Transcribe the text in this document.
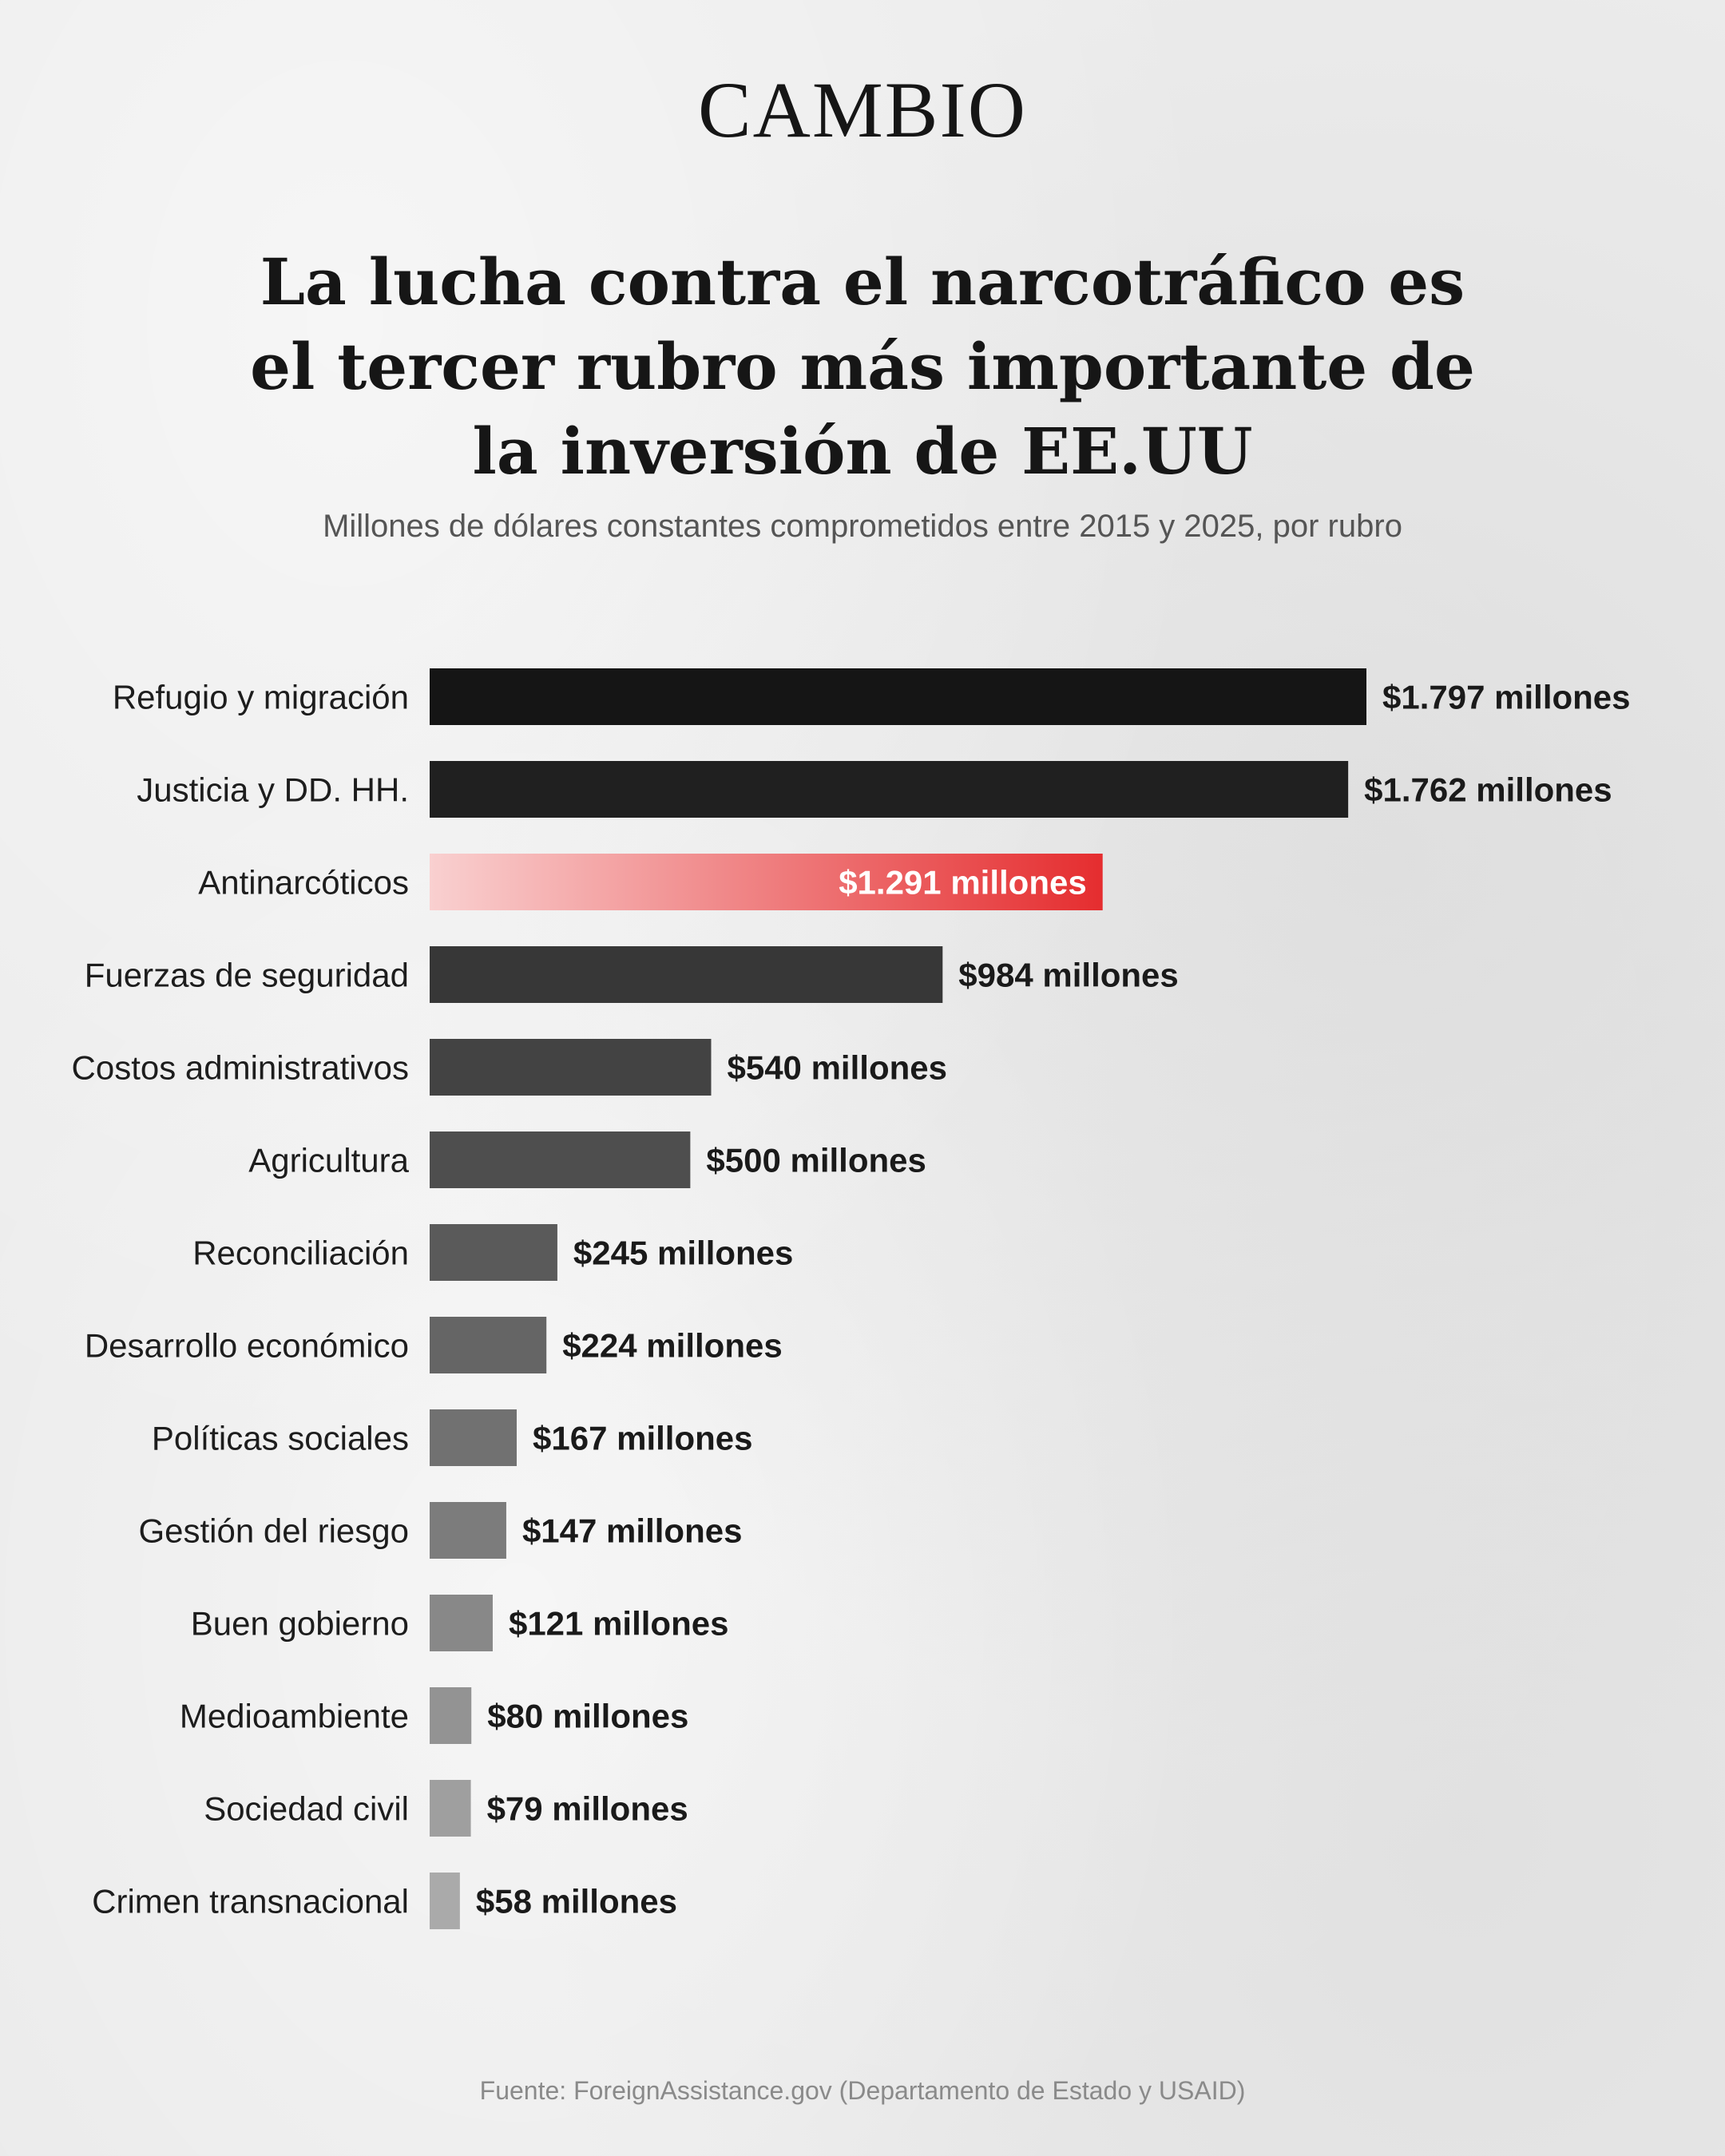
CAMBIO
La lucha contra el narcotráfico es el tercer rubro más importante de la inversión de EE.UU
Millones de dólares constantes comprometidos entre 2015 y 2025, por rubro
Refugio y migración	$1.797 millones
Justicia y DD. HH.	$1.762 millones
Antinarcóticos	$1.291 millones
Fuerzas de seguridad	$984 millones
Costos administrativos	$540 millones
Agricultura	$500 millones
Reconciliación	$245 millones
Desarrollo económico	$224 millones
Políticas sociales	$167 millones
Gestión del riesgo	$147 millones
Buen gobierno	$121 millones
Medioambiente $80 millones
Sociedad civil $79 millones
Crimen transnacional $58 millones
Fuente: ForeignAssistance.gov (Departamento de Estado y USAID)
